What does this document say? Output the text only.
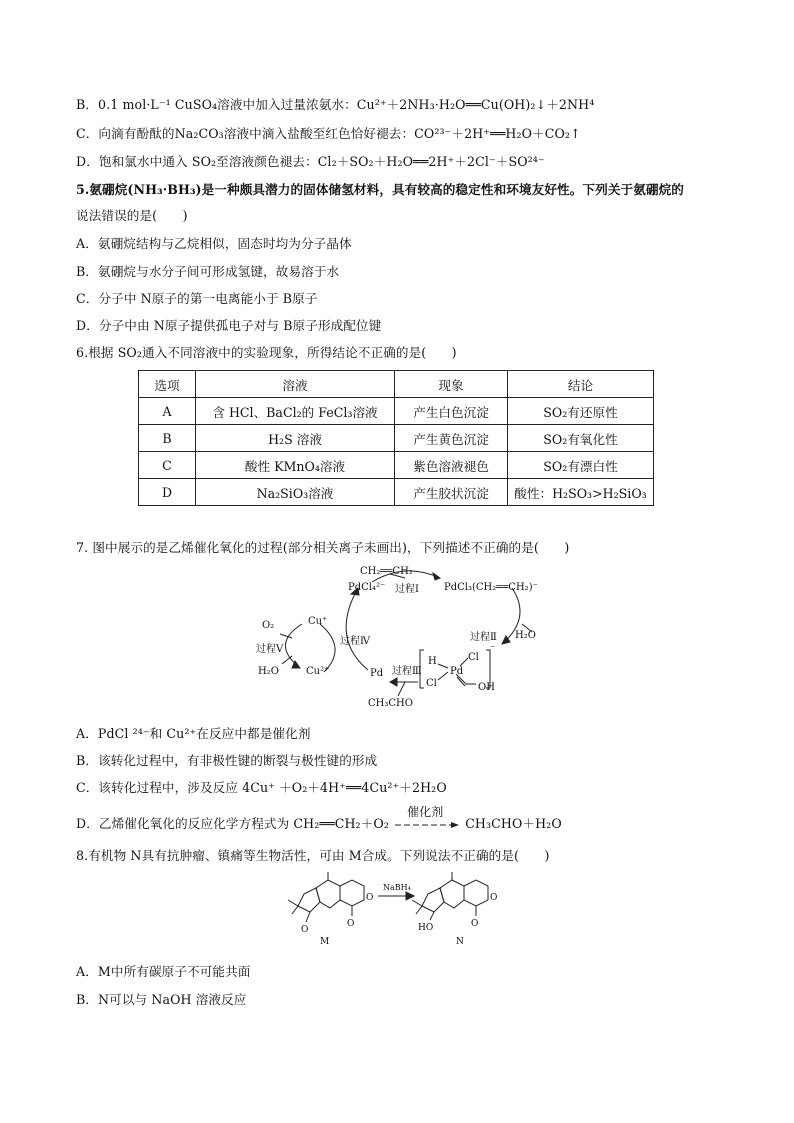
B．0.1 mol·L⁻¹ CuSO₄溶液中加入过量浓氨水：Cu²⁺＋2NH₃·H₂O══Cu(OH)₂↓＋2NH⁴
C．向滴有酚酞的Na₂CO₃溶液中滴入盐酸至红色恰好褪去：CO²³⁻＋2H⁺══H₂O＋CO₂↑
D．饱和氯水中通入 SO₂至溶液颜色褪去：Cl₂＋SO₂＋H₂O══2H⁺＋2Cl⁻＋SO²⁴⁻
5.氨硼烷(NH₃·BH₃)是一种颇具潜力的固体储氢材料，具有较高的稳定性和环境友好性。下列关于氨硼烷的
说法错误的是(　　)
A．氨硼烷结构与乙烷相似，固态时均为分子晶体
B．氨硼烷与水分子间可形成氢键，故易溶于水
C．分子中 N原子的第一电离能小于 B原子
D．分子中由 N原子提供孤电子对与 B原子形成配位键
6.根据 SO₂通入不同溶液中的实验现象，所得结论不正确的是(　　)
选项	溶液	现象	结论
A	含 HCl、BaCl₂的 FeCl₃溶液	产生白色沉淀	SO₂有还原性
B	H₂S 溶液	产生黄色沉淀	SO₂有氧化性
C	酸性 KMnO₄溶液	紫色溶液褪色	SO₂有漂白性
D	Na₂SiO₃溶液	产生胶状沉淀	酸性：H₂SO₃>H₂SiO₃
7. 图中展示的是乙烯催化氧化的过程(部分相关离子未画出)，下列描述不正确的是(　　)
CH₂══CH₂
PdCl₄²⁻ 过程Ⅰ	PdCl₃(CH₂══CH₂)⁻
过程Ⅱ H₂O
过程Ⅲ
过程Ⅳ
过程Ⅴ
Pd
Cu⁺
Cu²⁺
O₂
H₂O
CH₃CHO
H
Pd
Cl
Cl	OH
⁻
A．PdCl ²⁴⁻和 Cu²⁺在反应中都是催化剂
B．该转化过程中，有非极性键的断裂与极性键的形成
C．该转化过程中，涉及反应 4Cu⁺ ＋O₂＋4H⁺══4Cu²⁺＋2H₂O
D．乙烯催化氧化的反应化学方程式为 CH₂══CH₂＋O₂
催化剂
CH₃CHO＋H₂O
8.有机物 N具有抗肿瘤、镇痛等生物活性，可由 M合成。下列说法不正确的是(　　)
NaBH₄
O
O
O
M
HO	O
O
N
A．M中所有碳原子不可能共面
B．N可以与 NaOH 溶液反应
